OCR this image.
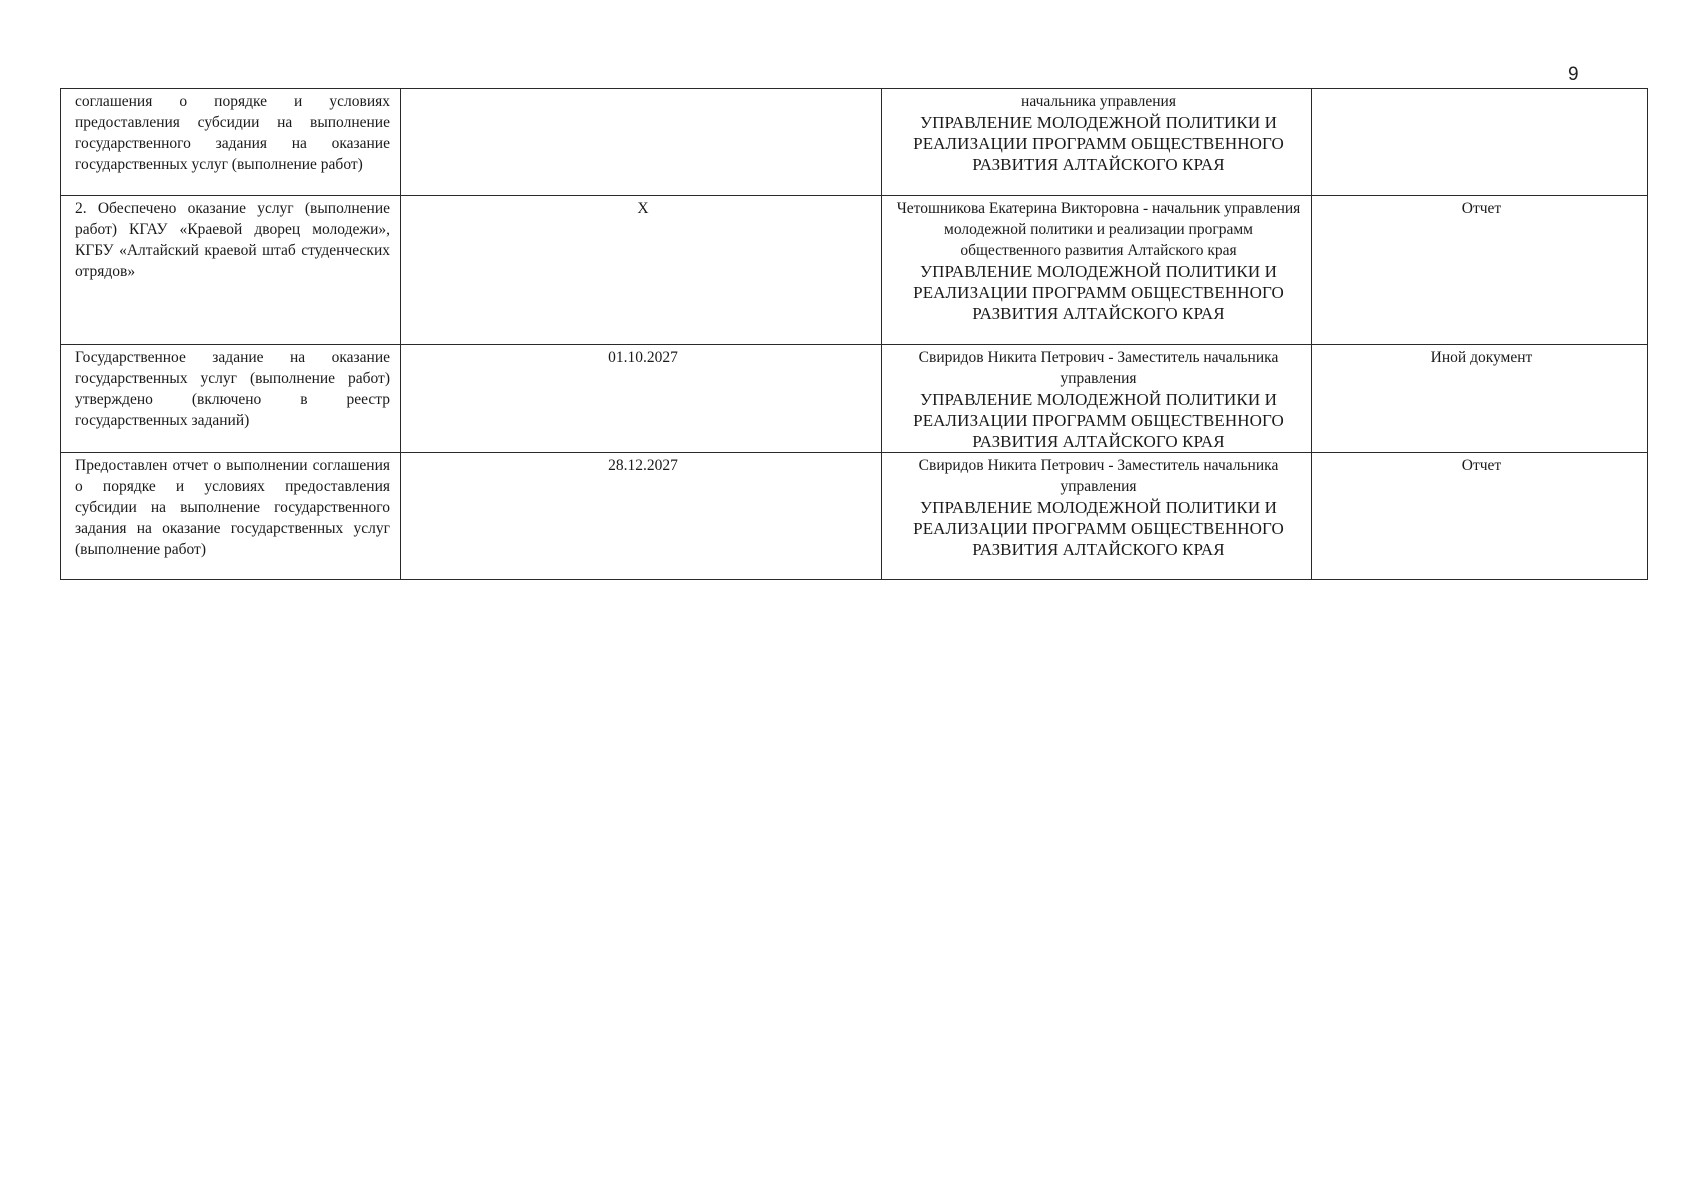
9
соглашения о порядке и условиях предоставления субсидии на выполнение государственного задания на оказание государственных услуг (выполнение работ)		начальника управления
УПРАВЛЕНИЕ МОЛОДЕЖНОЙ ПОЛИТИКИ И РЕАЛИЗАЦИИ ПРОГРАММ ОБЩЕСТВЕННОГО РАЗВИТИЯ АЛТАЙСКОГО КРАЯ	

2. Обеспечено оказание услуг (выполнение работ) КГАУ «Краевой дворец молодежи», КГБУ «Алтайский краевой штаб студенческих отрядов»	X	Четошникова Екатерина Викторовна - начальник управления молодежной политики и реализации программ общественного развития Алтайского края
УПРАВЛЕНИЕ МОЛОДЕЖНОЙ ПОЛИТИКИ И РЕАЛИЗАЦИИ ПРОГРАММ ОБЩЕСТВЕННОГО РАЗВИТИЯ АЛТАЙСКОГО КРАЯ	Отчет
Государственное задание на оказание государственных услуг (выполнение работ) утверждено (включено в реестр государственных заданий)	01.10.2027	Свиридов Никита Петрович - Заместитель начальника управления
УПРАВЛЕНИЕ МОЛОДЕЖНОЙ ПОЛИТИКИ И РЕАЛИЗАЦИИ ПРОГРАММ ОБЩЕСТВЕННОГО РАЗВИТИЯ АЛТАЙСКОГО КРАЯ	Иной документ
Предоставлен отчет о выполнении соглашения о порядке и условиях предоставления субсидии на выполнение государственного задания на оказание государственных услуг (выполнение работ)	28.12.2027	Свиридов Никита Петрович - Заместитель начальника управления
УПРАВЛЕНИЕ МОЛОДЕЖНОЙ ПОЛИТИКИ И РЕАЛИЗАЦИИ ПРОГРАММ ОБЩЕСТВЕННОГО РАЗВИТИЯ АЛТАЙСКОГО КРАЯ	Отчет
